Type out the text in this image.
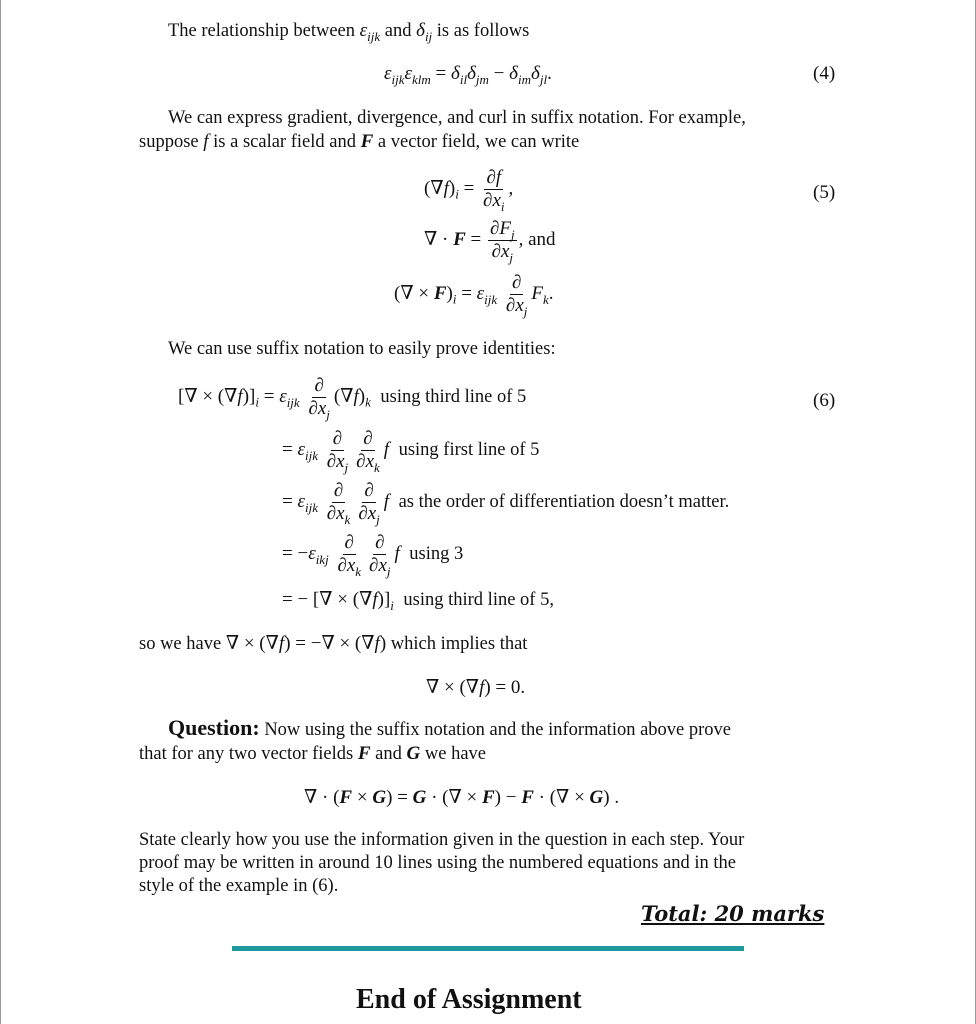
The relationship between $\varepsilon_{ijk}$ and $\delta_{ij}$ is as follows
$\varepsilon_{ijk}\varepsilon_{klm} = \delta_{il}\delta_{jm} - \delta_{im}\delta_{jl}$.	(4)
We can express gradient, divergence, and curl in suffix notation. For example,
suppose f is a scalar field and F a vector field, we can write
$(\nabla f)_i = \frac{\partial f}{\partial x_i}$ ,	(5)
∇ · $F = \frac{\partial F_j}{\partial x_j}$ , and
(∇ × $F)_i = \varepsilon_{ijk} \frac{\partial}{\partial x_j} F_k$.
We can use suffix notation to easily prove identities:
[∇ × $(\nabla f)]_i = \varepsilon_{ijk} \frac{\partial}{\partial x_j} (\nabla f)_k$ using third line of 5	(6)
= $\varepsilon_{ijk} \frac{\partial}{\partial x_j} \frac{\partial}{\partial x_k}$ f using first line of 5
= $\varepsilon_{ijk} \frac{\partial}{\partial x_k} \frac{\partial}{\partial x_j}$ f as the order of differentiation doesn’t matter.
= $-\varepsilon_{ikj} \frac{\partial}{\partial x_k} \frac{\partial}{\partial x_j}$ f using 3
= − [∇ × $(\nabla f)]_i$ using third line of 5,
so we have ∇ × (∇f) = −∇ × (∇f) which implies that
∇ × (∇f) = 0.
Question: Now using the suffix notation and the information above prove
that for any two vector fields F and G we have
∇ · (F × G) = G · (∇ × F) − F · (∇ × G) .
State clearly how you use the information given in the question in each step. Your
proof may be written in around 10 lines using the numbered equations and in the
style of the example in (6).
Total: 20 marks
End of Assignment
